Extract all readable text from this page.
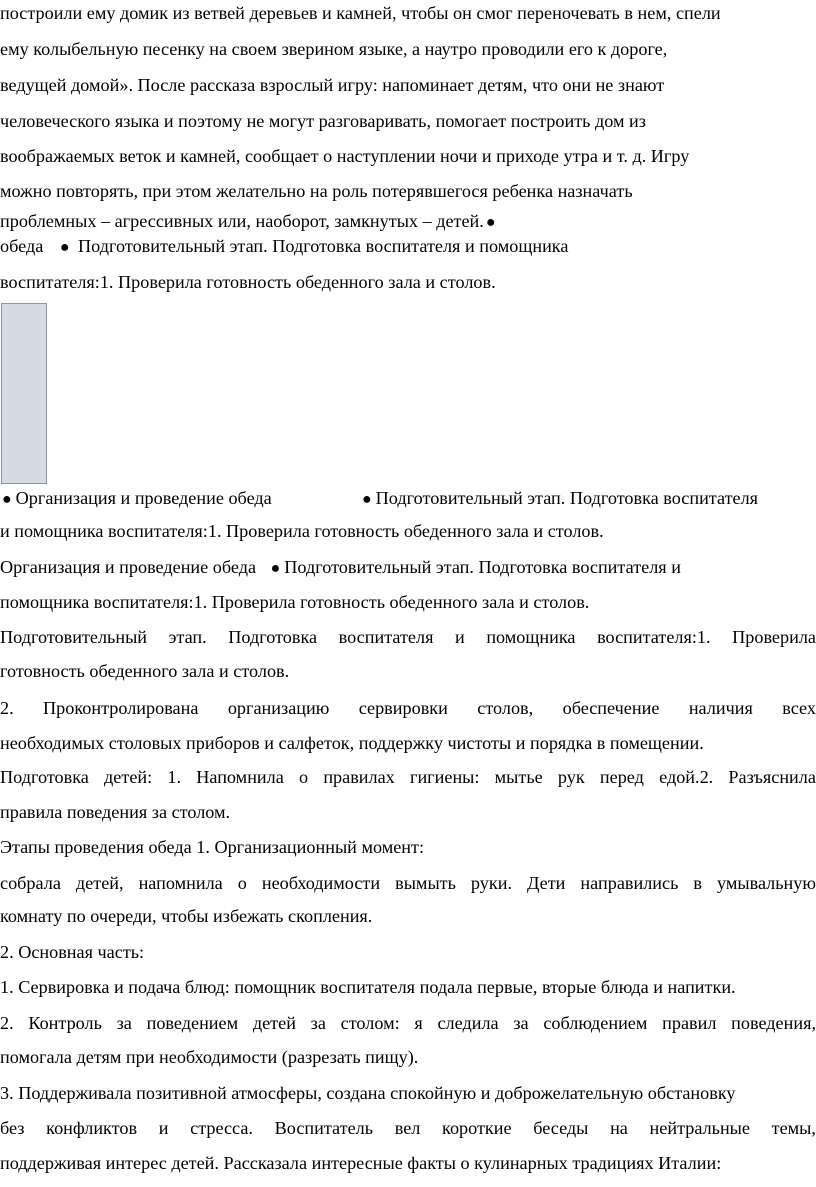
построили ему домик из ветвей деревьев и камней, чтобы он смог переночевать в нем, спели
ему колыбельную песенку на своем зверином языке, а наутро проводили его к дороге,
ведущей домой». После рассказа взрослый игру: напоминает детям, что они не знают
человеческого языка и поэтому не могут разговаривать, помогает построить дом из
воображаемых веток и камней, сообщает о наступлении ночи и приходе утра и т. д. Игру
можно повторять, при этом желательно на роль потерявшегося ребенка назначать
проблемных – агрессивных или, наоборот, замкнутых – детей. ●
обеда ● Подготовительный этап. Подготовка воспитателя и помощника
воспитателя:1. Проверила готовность обеденного зала и столов.
● Организация и проведение обеда	● Подготовительный этап. Подготовка воспитателя
и помощника воспитателя:1. Проверила готовность обеденного зала и столов.
Организация и проведение обеда ● Подготовительный этап. Подготовка воспитателя и
помощника воспитателя:1. Проверила готовность обеденного зала и столов.
Подготовительный этап. Подготовка воспитателя и помощника воспитателя:1. Проверила
готовность обеденного зала и столов.
2. Проконтролирована организацию сервировки столов, обеспечение наличия всех
необходимых столовых приборов и салфеток, поддержку чистоты и порядка в помещении.
Подготовка детей: 1. Напомнила о правилах гигиены: мытье рук перед едой.2. Разъяснила
правила поведения за столом.
Этапы проведения обеда 1. Организационный момент:
собрала детей, напомнила о необходимости вымыть руки. Дети направились в умывальную
комнату по очереди, чтобы избежать скопления.
2. Основная часть:
1. Сервировка и подача блюд: помощник воспитателя подала первые, вторые блюда и напитки.
2. Контроль за поведением детей за столом: я следила за соблюдением правил поведения,
помогала детям при необходимости (разрезать пищу).
3. Поддерживала позитивной атмосферы, создана спокойную и доброжелательную обстановку
без конфликтов и стресса. Воспитатель вел короткие беседы на нейтральные темы,
поддерживая интерес детей. Рассказала интересные факты о кулинарных традициях Италии:
